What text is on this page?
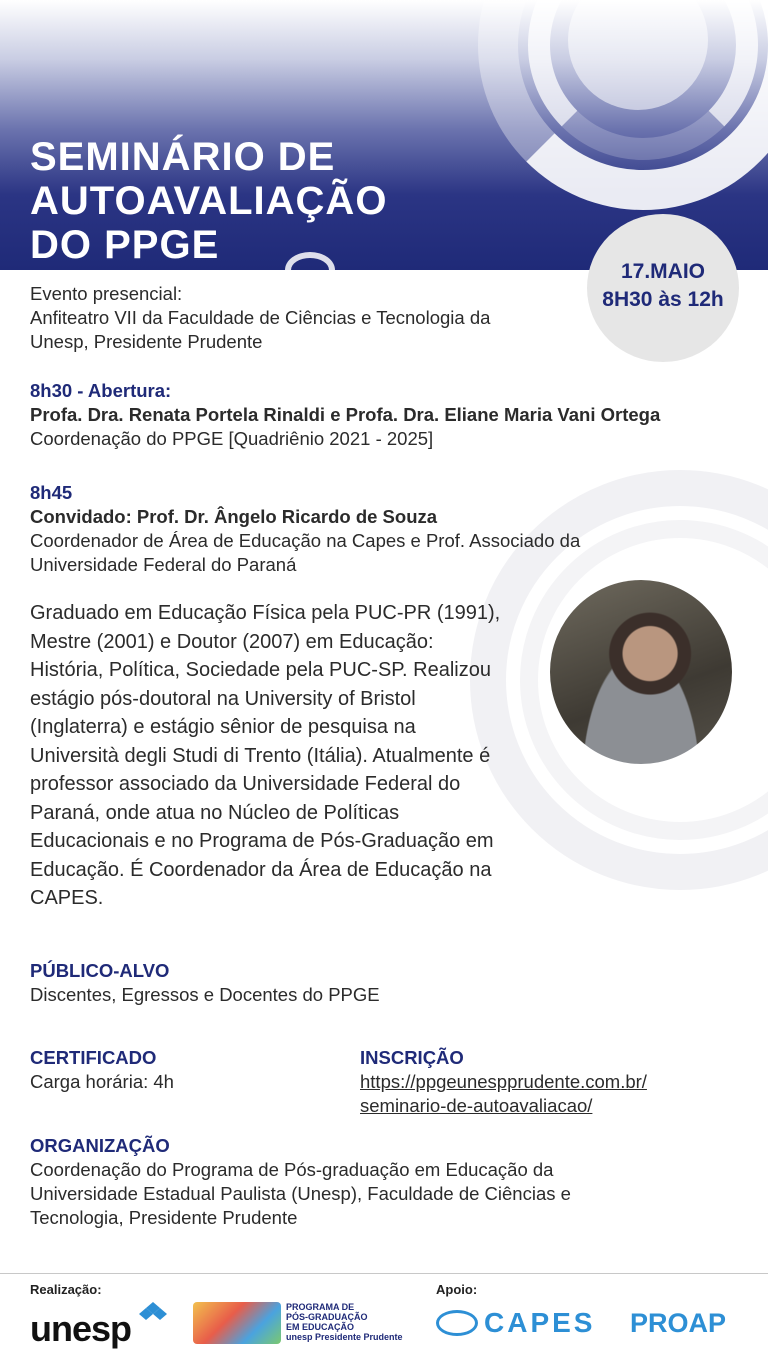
SEMINÁRIO DE
AUTOAVALIAÇÃO
DO PPGE
17.MAIO
8H30 às 12h
Evento presencial:
Anfiteatro VII da Faculdade de Ciências e Tecnologia da
Unesp, Presidente Prudente
8h30 - Abertura:
Profa. Dra. Renata Portela Rinaldi e Profa. Dra. Eliane Maria Vani Ortega
Coordenação do PPGE [Quadriênio 2021 - 2025]
8h45
Convidado: Prof. Dr. Ângelo Ricardo de Souza
Coordenador de Área de Educação na Capes e Prof. Associado da
Universidade Federal do Paraná
Graduado em Educação Física pela PUC-PR (1991),
Mestre (2001) e Doutor (2007) em Educação:
História, Política, Sociedade pela PUC-SP. Realizou
estágio pós-doutoral na University of Bristol
(Inglaterra) e estágio sênior de pesquisa na
Università degli Studi di Trento (Itália). Atualmente é
professor associado da Universidade Federal do
Paraná, onde atua no Núcleo de Políticas
Educacionais e no Programa de Pós-Graduação em
Educação. É Coordenador da Área de Educação na
CAPES.
PÚBLICO-ALVO
Discentes, Egressos e Docentes do PPGE
CERTIFICADO
Carga horária: 4h
INSCRIÇÃO
https://ppgeunespprudente.com.br/
seminario-de-autoavaliacao/
ORGANIZAÇÃO
Coordenação do Programa de Pós-graduação em Educação da
Universidade Estadual Paulista (Unesp), Faculdade de Ciências e
Tecnologia, Presidente Prudente
Realização:	Apoio:
unesp
PROGRAMA DE
PÓS-GRADUAÇÃO
EM EDUCAÇÃO
unesp Presidente Prudente	CAPES PROAP
